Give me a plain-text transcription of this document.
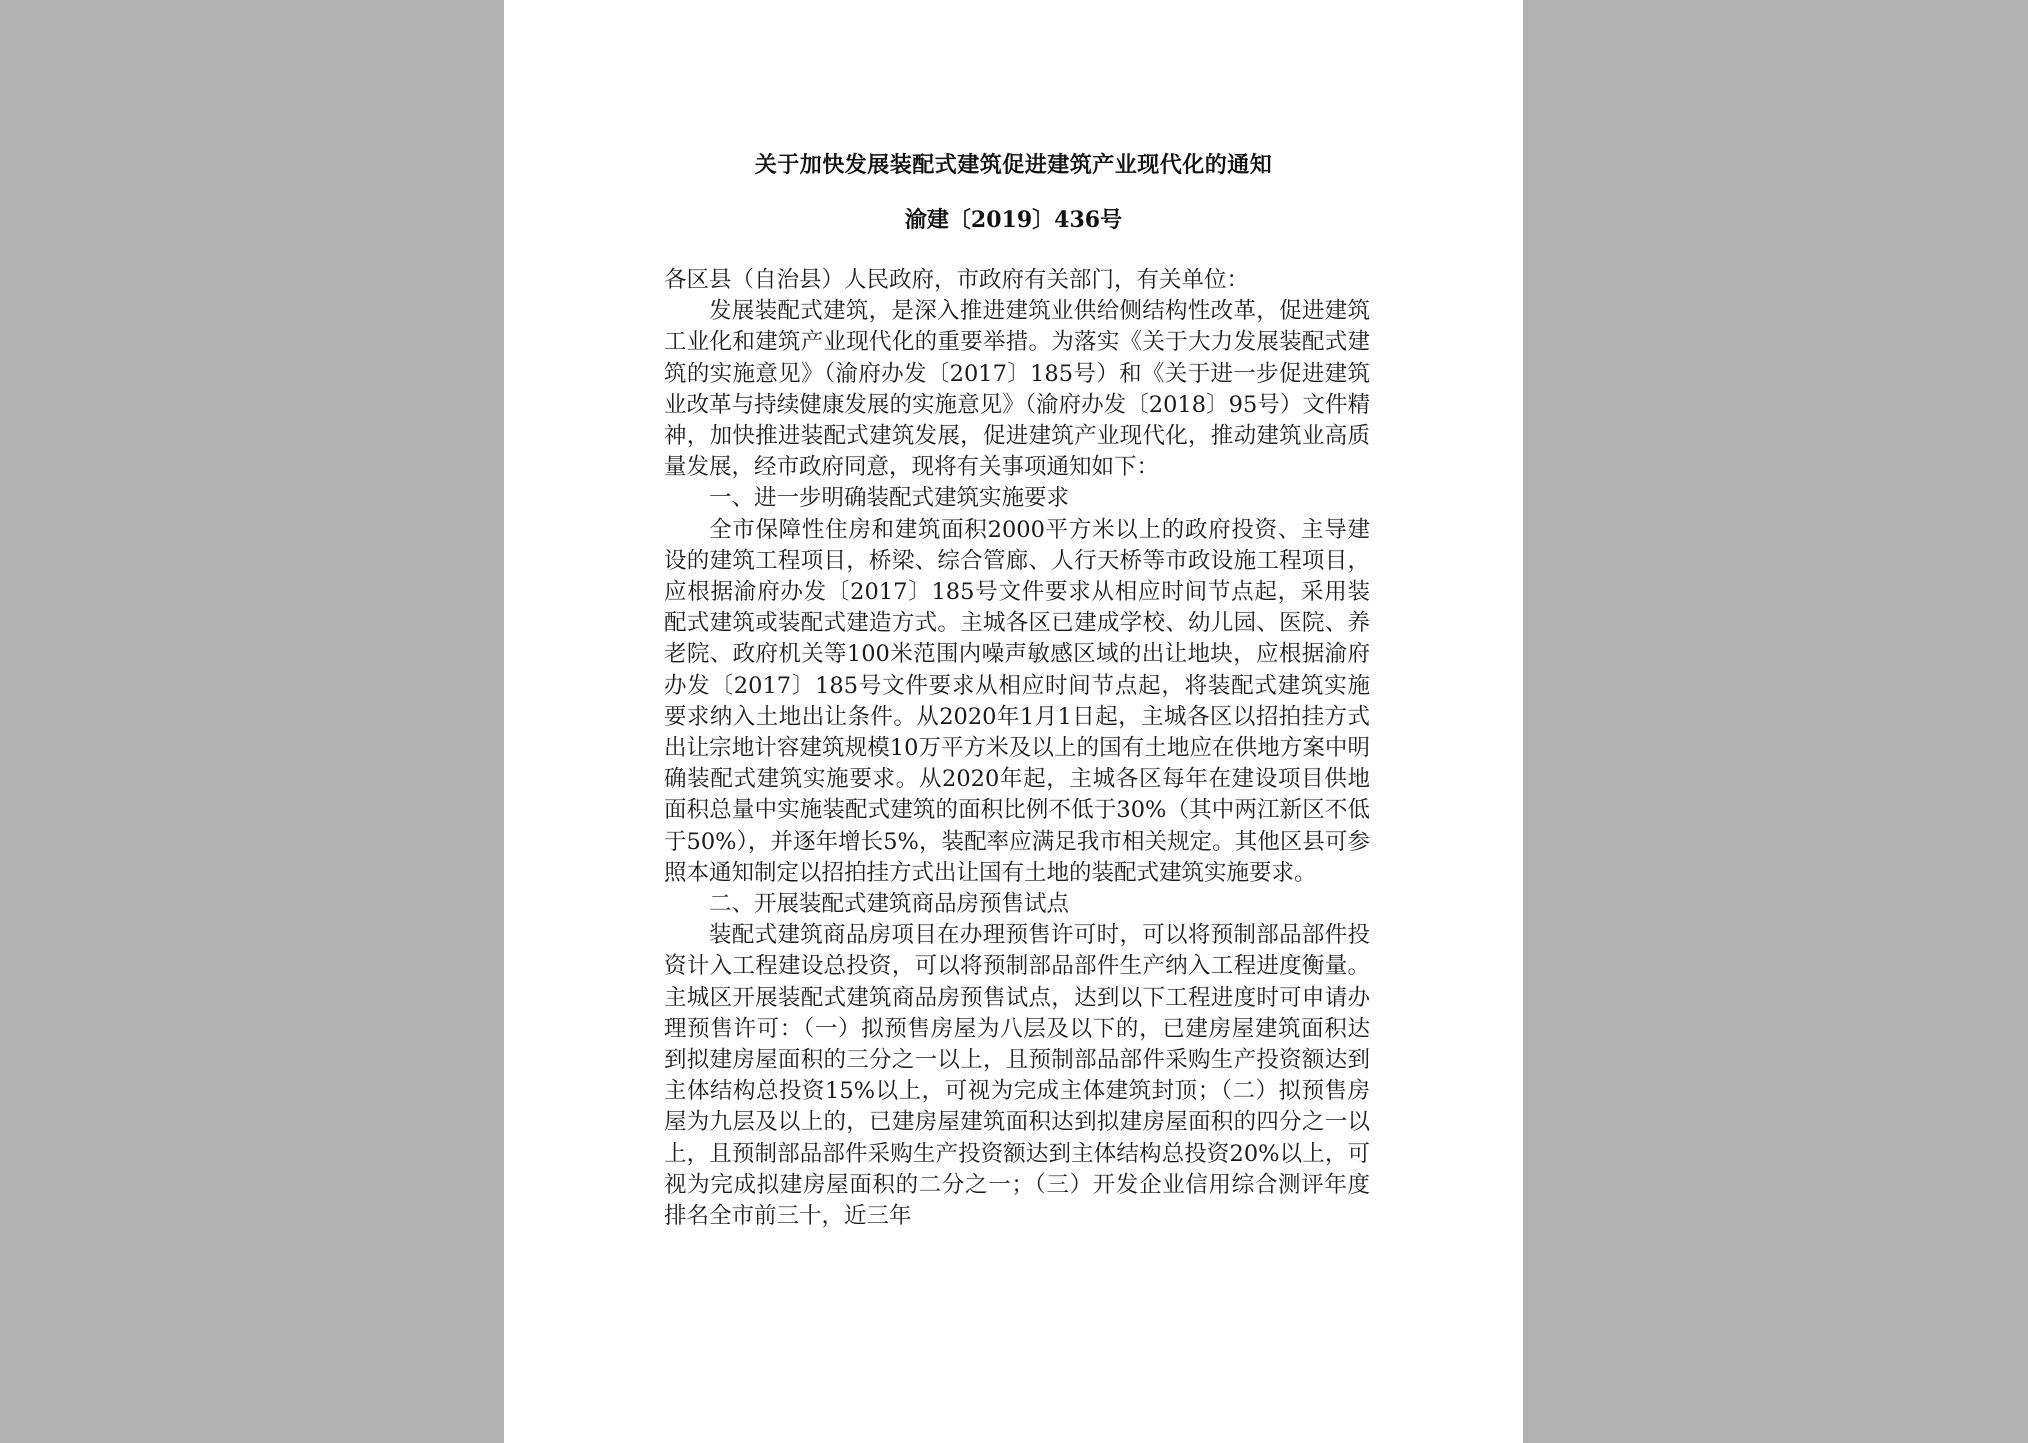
关于加快发展装配式建筑促进建筑产业现代化的通知
渝建〔2019〕436号

各区县（自治县）人民政府，市政府有关部门，有关单位：

发展装配式建筑，是深入推进建筑业供给侧结构性改革，促进建筑工业化和建筑产业现代化的重要举措。为落实《关于大力发展装配式建筑的实施意见》（渝府办发〔2017〕185号）和《关于进一步促进建筑业改革与持续健康发展的实施意见》（渝府办发〔2018〕95号）文件精神，加快推进装配式建筑发展，促进建筑产业现代化，推动建筑业高质量发展，经市政府同意，现将有关事项通知如下：

一、进一步明确装配式建筑实施要求

全市保障性住房和建筑面积2000平方米以上的政府投资、主导建设的建筑工程项目，桥梁、综合管廊、人行天桥等市政设施工程项目，应根据渝府办发〔2017〕185号文件要求从相应时间节点起，采用装配式建筑或装配式建造方式。主城各区已建成学校、幼儿园、医院、养老院、政府机关等100米范围内噪声敏感区域的出让地块，应根据渝府办发〔2017〕185号文件要求从相应时间节点起，将装配式建筑实施要求纳入土地出让条件。从2020年1月1日起，主城各区以招拍挂方式出让宗地计容建筑规模10万平方米及以上的国有土地应在供地方案中明确装配式建筑实施要求。从2020年起，主城各区每年在建设项目供地面积总量中实施装配式建筑的面积比例不低于30%（其中两江新区不低于50%），并逐年增长5%，装配率应满足我市相关规定。其他区县可参照本通知制定以招拍挂方式出让国有土地的装配式建筑实施要求。

二、开展装配式建筑商品房预售试点

装配式建筑商品房项目在办理预售许可时，可以将预制部品部件投资计入工程建设总投资，可以将预制部品部件生产纳入工程进度衡量。主城区开展装配式建筑商品房预售试点，达到以下工程进度时可申请办理预售许可：（一）拟预售房屋为八层及以下的，已建房屋建筑面积达到拟建房屋面积的三分之一以上，且预制部品部件采购生产投资额达到主体结构总投资15%以上，可视为完成主体建筑封顶；（二）拟预售房屋为九层及以上的，已建房屋建筑面积达到拟建房屋面积的四分之一以上，且预制部品部件采购生产投资额达到主体结构总投资20%以上，可视为完成拟建房屋面积的二分之一；（三）开发企业信用综合测评年度排名全市前三十，近三年
